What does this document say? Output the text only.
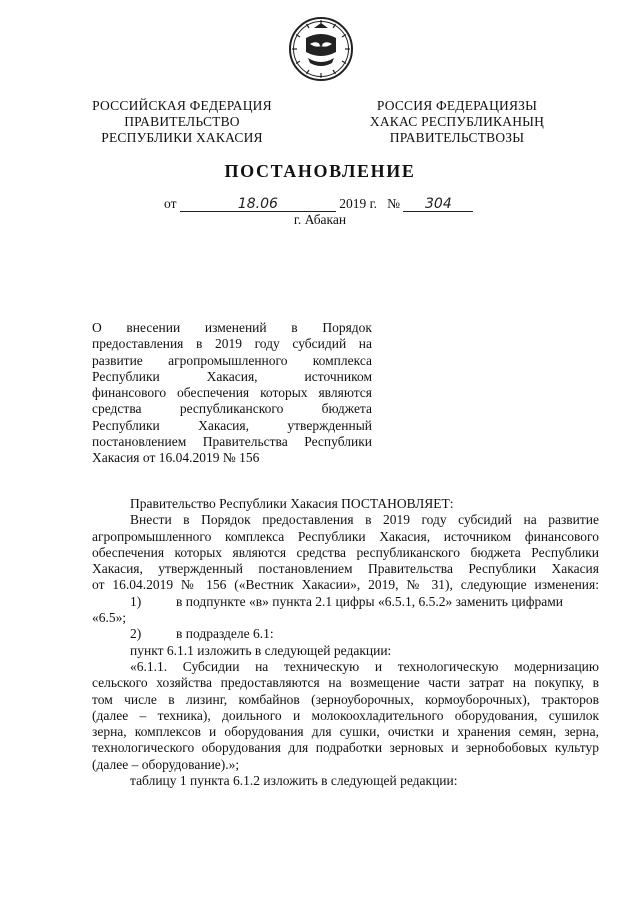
РОССИЙСКАЯ ФЕДЕРАЦИЯ
ПРАВИТЕЛЬСТВО
РЕСПУБЛИКИ ХАКАСИЯ
РОССИЯ ФЕДЕРАЦИЯЗЫ
ХАКАС РЕСПУБЛИКАНЫҢ
ПРАВИТЕЛЬСТВОЗЫ
ПОСТАНОВЛЕНИЕ
от	18.06	2019 г. № 304
г. Абакан
О внесении изменений в Порядок
предоставления в 2019 году субсидий на
развитие агропромышленного комплекса
Республики Хакасия, источником
финансового обеспечения которых являются
средства республиканского бюджета
Республики Хакасия, утвержденный
постановлением Правительства Республики
Хакасия от 16.04.2019 № 156
Правительство Республики Хакасия ПОСТАНОВЛЯЕТ:
Внести в Порядок предоставления в 2019 году субсидий на развитие
агропромышленного комплекса Республики Хакасия, источником финансового
обеспечения которых являются средства республиканского бюджета Республики
Хакасия, утвержденный постановлением Правительства Республики Хакасия
от 16.04.2019 № 156 («Вестник Хакасии», 2019, № 31), следующие изменения:
1)	в подпункте «в» пункта 2.1 цифры «6.5.1, 6.5.2» заменить цифрами
«6.5»;
2)	в подразделе 6.1:
пункт 6.1.1 изложить в следующей редакции:
«6.1.1. Субсидии на техническую и технологическую модернизацию
сельского хозяйства предоставляются на возмещение части затрат на покупку, в
том числе в лизинг, комбайнов (зерноуборочных, кормоуборочных), тракторов
(далее – техника), доильного и молокоохладительного оборудования, сушилок
зерна, комплексов и оборудования для сушки, очистки и хранения семян, зерна,
технологического оборудования для подработки зерновых и зернобобовых культур
(далее – оборудование).»;
таблицу 1 пункта 6.1.2 изложить в следующей редакции:
